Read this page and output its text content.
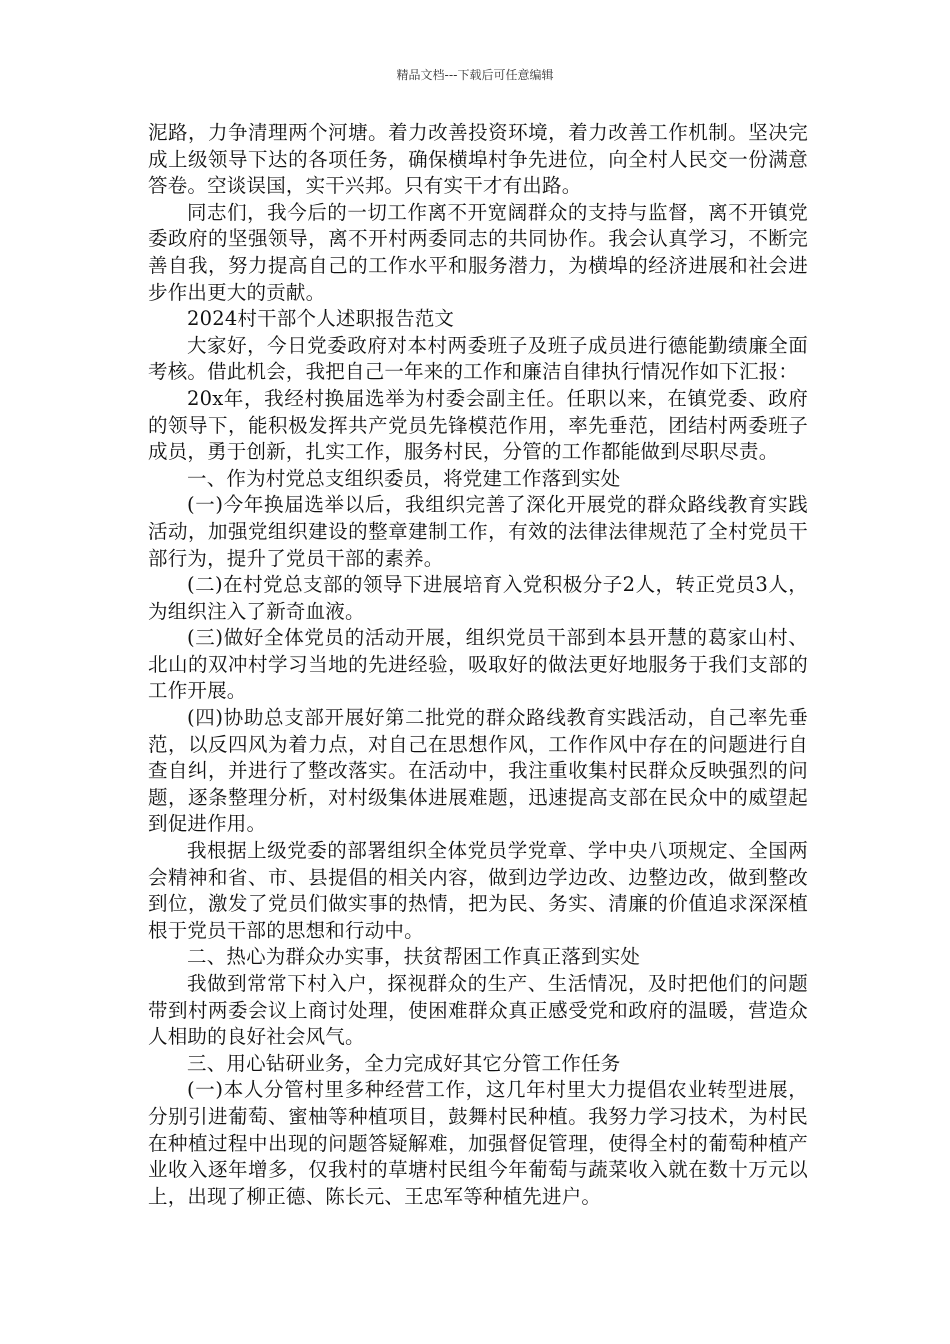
精品文档---下载后可任意编辑

泥路，力争清理两个河塘。着力改善投资环境，着力改善工作机制。坚决完成上级领导下达的各项任务，确保横埠村争先进位，向全村人民交一份满意答卷。空谈误国，实干兴邦。只有实干才有出路。

同志们，我今后的一切工作离不开宽阔群众的支持与监督，离不开镇党委政府的坚强领导，离不开村两委同志的共同协作。我会认真学习，不断完善自我，努力提高自己的工作水平和服务潜力，为横埠的经济进展和社会进步作出更大的贡献。

2024村干部个人述职报告范文

大家好，今日党委政府对本村两委班子及班子成员进行德能勤绩廉全面考核。借此机会，我把自己一年来的工作和廉洁自律执行情况作如下汇报：

20x年，我经村换届选举为村委会副主任。任职以来，在镇党委、政府的领导下，能积极发挥共产党员先锋模范作用，率先垂范，团结村两委班子成员，勇于创新，扎实工作，服务村民，分管的工作都能做到尽职尽责。

一、作为村党总支组织委员，将党建工作落到实处

(一)今年换届选举以后，我组织完善了深化开展党的群众路线教育实践活动，加强党组织建设的整章建制工作，有效的法律法律规范了全村党员干部行为，提升了党员干部的素养。

(二)在村党总支部的领导下进展培育入党积极分子2人，转正党员3人，为组织注入了新奇血液。

(三)做好全体党员的活动开展，组织党员干部到本县开慧的葛家山村、北山的双冲村学习当地的先进经验，吸取好的做法更好地服务于我们支部的工作开展。

(四)协助总支部开展好第二批党的群众路线教育实践活动，自己率先垂范，以反四风为着力点，对自己在思想作风，工作作风中存在的问题进行自查自纠，并进行了整改落实。在活动中，我注重收集村民群众反映强烈的问题，逐条整理分析，对村级集体进展难题，迅速提高支部在民众中的威望起到促进作用。

我根据上级党委的部署组织全体党员学党章、学中央八项规定、全国两会精神和省、市、县提倡的相关内容，做到边学边改、边整边改，做到整改到位，激发了党员们做实事的热情，把为民、务实、清廉的价值追求深深植根于党员干部的思想和行动中。

二、热心为群众办实事，扶贫帮困工作真正落到实处

我做到常常下村入户，探视群众的生产、生活情况，及时把他们的问题带到村两委会议上商讨处理，使困难群众真正感受党和政府的温暖，营造众人相助的良好社会风气。

三、用心钻研业务，全力完成好其它分管工作任务

(一)本人分管村里多种经营工作，这几年村里大力提倡农业转型进展，分别引进葡萄、蜜柚等种植项目，鼓舞村民种植。我努力学习技术，为村民在种植过程中出现的问题答疑解难，加强督促管理，使得全村的葡萄种植产业收入逐年增多，仅我村的草塘村民组今年葡萄与蔬菜收入就在数十万元以上，出现了柳正德、陈长元、王忠军等种植先进户。
